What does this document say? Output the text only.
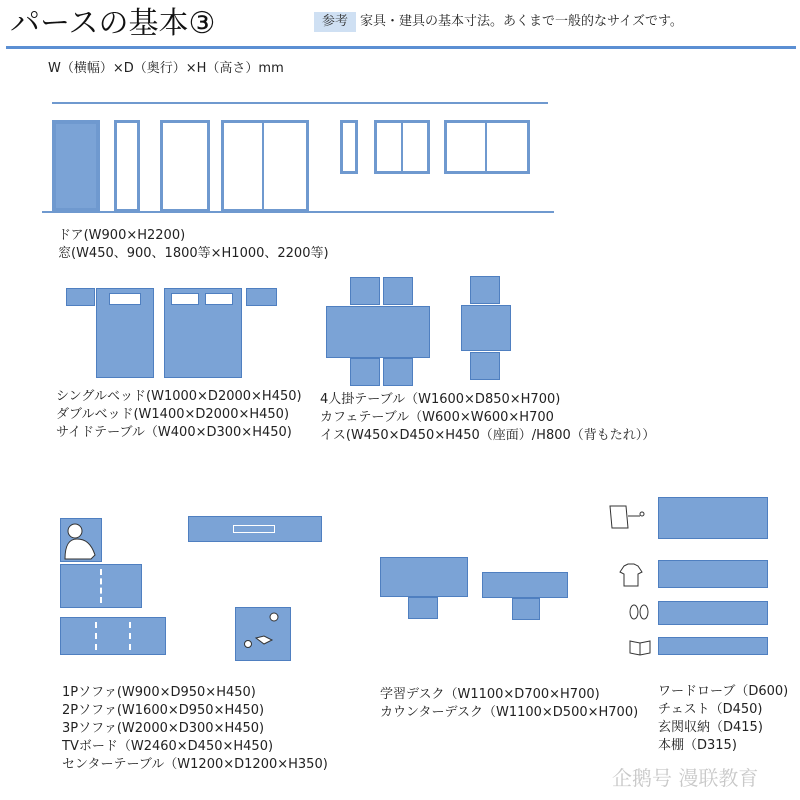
パースの基本③	参考 家具・建具の基本寸法。あくまで一般的なサイズです。
W（横幅）×D（奥行）×H（高さ）mm
ドア(W900×H2200)
窓(W450、900、1800等×H1000、2200等)
シングルベッド(W1000×D2000×H450)
ダブルベッド(W1400×D2000×H450)
サイドテーブル（W400×D300×H450)
4人掛テーブル（W1600×D850×H700)
カフェテーブル（W600×W600×H700
イス(W450×D450×H450（座面）/H800（背もたれ））
1Pソファ(W900×D950×H450)
2Pソファ(W1600×D950×H450)
3Pソファ(W2000×D300×H450)
TVボード（W2460×D450×H450)
センターテーブル（W1200×D1200×H350)
学習デスク（W1100×D700×H700)
カウンターデスク（W1100×D500×H700)
ワードローブ（D600)
チェスト（D450)
玄関収納（D415)
本棚（D315)
企鹅号 漫联教育
